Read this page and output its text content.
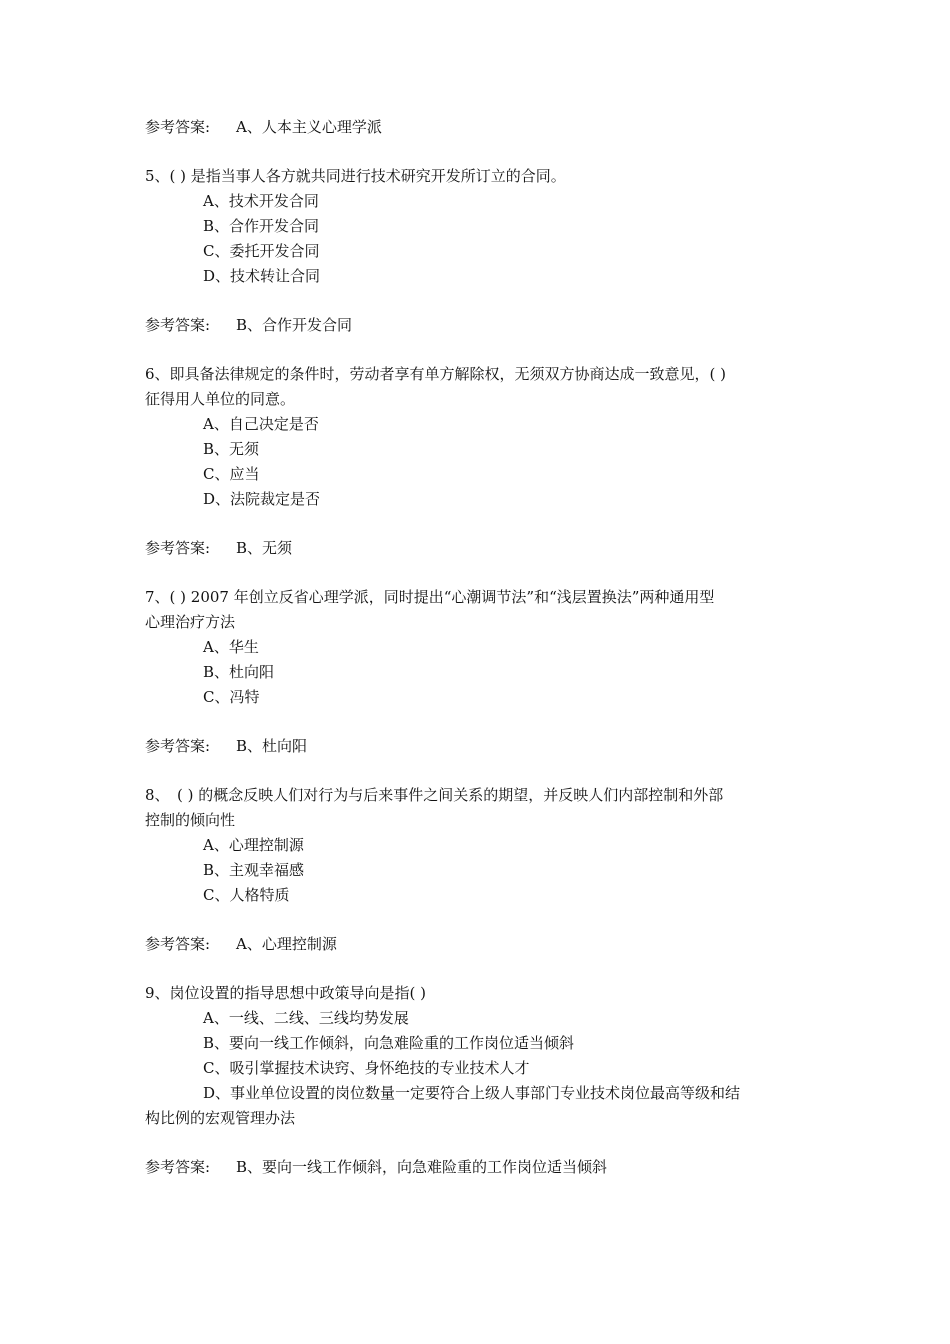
参考答案: A、人本主义心理学派
5、( ) 是指当事人各方就共同进行技术研究开发所订立的合同。
A、技术开发合同
B、合作开发合同
C、委托开发合同
D、技术转让合同
参考答案: B、合作开发合同
6、即具备法律规定的条件时，劳动者享有单方解除权，无须双方协商达成一致意见，( )
征得用人单位的同意。
A、自己决定是否
B、无须
C、应当
D、法院裁定是否
参考答案: B、无须
7、( ) 2007 年创立反省心理学派，同时提出“心潮调节法”和“浅层置换法”两种通用型
心理治疗方法
A、华生
B、杜向阳
C、冯特
参考答案: B、杜向阳
8、　( ) 的概念反映人们对行为与后来事件之间关系的期望，并反映人们内部控制和外部
控制的倾向性
A、心理控制源
B、主观幸福感
C、人格特质
参考答案: A、心理控制源
9、岗位设置的指导思想中政策导向是指( )
A、一线、二线、三线均势发展
B、要向一线工作倾斜，向急难险重的工作岗位适当倾斜
C、吸引掌握技术诀窍、身怀绝技的专业技术人才
D、事业单位设置的岗位数量一定要符合上级人事部门专业技术岗位最高等级和结
构比例的宏观管理办法
参考答案: B、要向一线工作倾斜，向急难险重的工作岗位适当倾斜
